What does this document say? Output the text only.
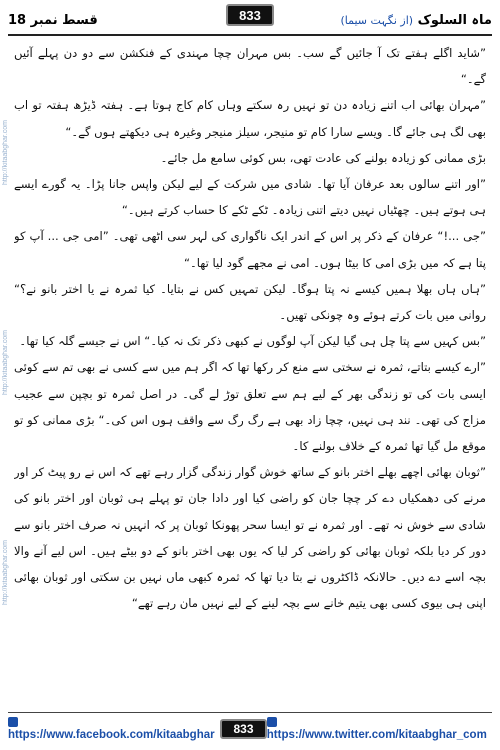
قسط نمبر 18	ماہ السلوک (از نگہت سیما)
833
http://kitaabghar.com
http://kitaabghar.com
http://kitaabghar.com

”شاید اگلے ہفتے تک آ جائیں گے سب۔ بس مہران چچا مہندی کے فنکشن سے دو دن پہلے آئیں گے۔“

”مہران بھائی اب اتنے زیادہ دن تو نہیں رہ سکتے وہاں کام کاج ہوتا ہے۔ ہفتہ ڈیڑھ ہفتہ تو اب بھی لگ ہی جائے گا۔ ویسے سارا کام تو منیجر، سیلز منیجر وغیرہ ہی دیکھتے ہوں گے۔“

بڑی ممانی کو زیادہ بولنے کی عادت تھی، بس کوئی سامع مل جائے۔

”اور اتنے سالوں بعد عرفان آیا تھا۔ شادی میں شرکت کے لیے لیکن واپس جانا پڑا۔ یہ گورے ایسے ہی ہوتے ہیں۔ چھٹیاں نہیں دیتے اتنی زیادہ۔ ٹکے ٹکے کا حساب کرتے ہیں۔“

”جی ...!“ عرفان کے ذکر پر اس کے اندر ایک ناگواری کی لہر سی اٹھی تھی۔ ”امی جی ... آپ کو پتا ہے کہ میں بڑی امی کا بیٹا ہوں۔ امی نے مجھے گود لیا تھا۔“

”ہاں ہاں بھلا ہمیں کیسے نہ پتا ہوگا۔ لیکن تمہیں کس نے بتایا۔ کیا ثمرہ نے یا اختر بانو نے؟“ روانی میں بات کرتے ہوئے وہ چونکی تھیں۔

”بس کہیں سے پتا چل ہی گیا لیکن آپ لوگوں نے کبھی ذکر تک نہ کیا۔“ اس نے جیسے گلہ کیا تھا۔

”ارے کیسے بتاتے، ثمرہ نے سختی سے منع کر رکھا تھا کہ اگر ہم میں سے کسی نے بھی تم سے کوئی ایسی بات کی تو زندگی بھر کے لیے ہم سے تعلق توڑ لے گی۔ در اصل ثمرہ تو بچپن سے عجیب مزاج کی تھی۔ نند ہی نہیں، چچا زاد بھی ہے رگ رگ سے واقف ہوں اس کی۔“ بڑی ممانی کو تو موقع مل گیا تھا ثمرہ کے خلاف بولنے کا۔

”ثوبان بھائی اچھے بھلے اختر بانو کے ساتھ خوش گوار زندگی گزار رہے تھے کہ اس نے رو پیٹ کر اور مرنے کی دھمکیاں دے کر چچا جان کو راضی کیا اور دادا جان تو پہلے ہی ثوبان اور اختر بانو کی شادی سے خوش نہ تھے۔ اور ثمرہ نے تو ایسا سحر پھونکا ثوبان پر کہ انہیں نہ صرف اختر بانو سے دور کر دیا بلکہ ثوبان بھائی کو راضی کر لیا کہ یوں بھی اختر بانو کے دو بیٹے ہیں۔ اس لیے آنے والا بچہ اسے دے دیں۔ حالانکہ ڈاکٹروں نے بتا دیا تھا کہ ثمرہ کبھی ماں نہیں بن سکتی اور ثوبان بھائی اپنی ہی بیوی کسی بھی یتیم خانے سے بچہ لینے کے لیے نہیں مان رہے تھے“

https://www.facebook.com/kitaabghar	833	https://www.twitter.com/kitaabghar_com
